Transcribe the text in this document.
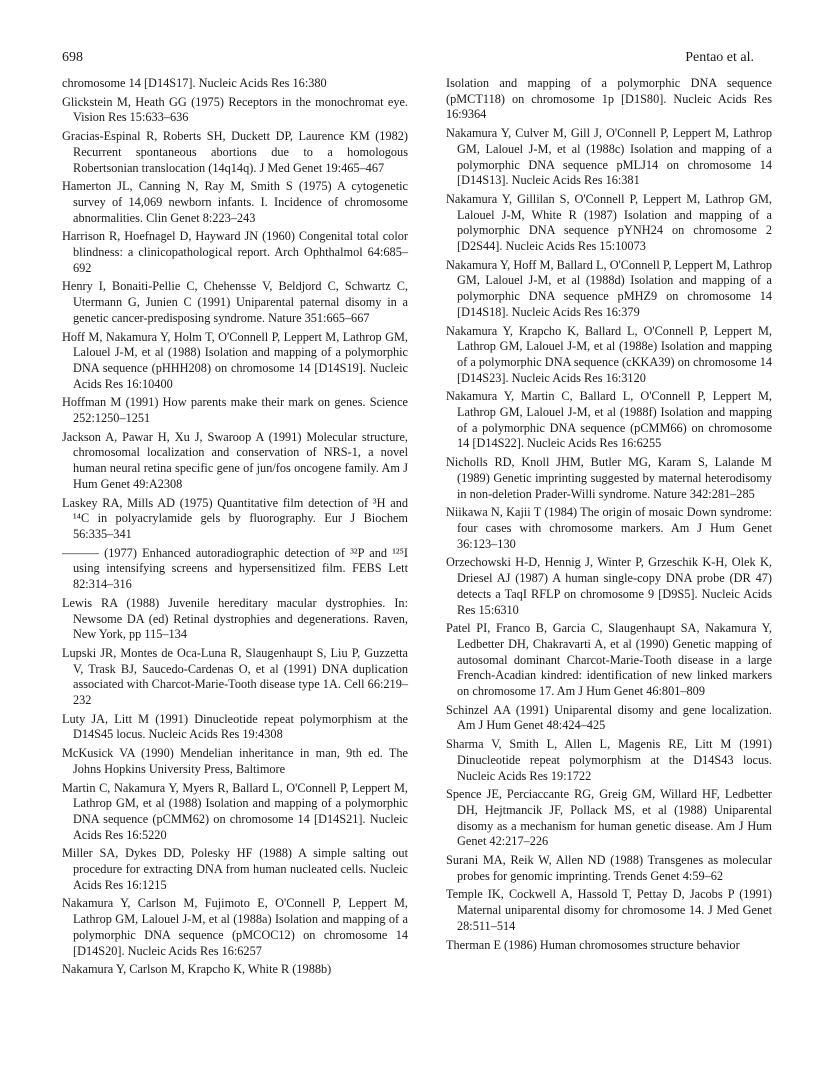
698	Pentao et al.

chromosome 14 [D14S17]. Nucleic Acids Res 16:380

Glickstein M, Heath GG (1975) Receptors in the monochromat eye. Vision Res 15:633–636

Gracias-Espinal R, Roberts SH, Duckett DP, Laurence KM (1982) Recurrent spontaneous abortions due to a homologous Robertsonian translocation (14q14q). J Med Genet 19:465–467

Hamerton JL, Canning N, Ray M, Smith S (1975) A cytogenetic survey of 14,069 newborn infants. I. Incidence of chromosome abnormalities. Clin Genet 8:223–243

Harrison R, Hoefnagel D, Hayward JN (1960) Congenital total color blindness: a clinicopathological report. Arch Ophthalmol 64:685–692

Henry I, Bonaiti-Pellie C, Chehensse V, Beldjord C, Schwartz C, Utermann G, Junien C (1991) Uniparental paternal disomy in a genetic cancer-predisposing syndrome. Nature 351:665–667

Hoff M, Nakamura Y, Holm T, O'Connell P, Leppert M, Lathrop GM, Lalouel J-M, et al (1988) Isolation and mapping of a polymorphic DNA sequence (pHHH208) on chromosome 14 [D14S19]. Nucleic Acids Res 16:10400

Hoffman M (1991) How parents make their mark on genes. Science 252:1250–1251

Jackson A, Pawar H, Xu J, Swaroop A (1991) Molecular structure, chromosomal localization and conservation of NRS-1, a novel human neural retina specific gene of jun/fos oncogene family. Am J Hum Genet 49:A2308

Laskey RA, Mills AD (1975) Quantitative film detection of ³H and ¹⁴C in polyacrylamide gels by fluorography. Eur J Biochem 56:335–341

——— (1977) Enhanced autoradiographic detection of ³²P and ¹²⁵I using intensifying screens and hypersensitized film. FEBS Lett 82:314–316

Lewis RA (1988) Juvenile hereditary macular dystrophies. In: Newsome DA (ed) Retinal dystrophies and degenerations. Raven, New York, pp 115–134

Lupski JR, Montes de Oca-Luna R, Slaugenhaupt S, Liu P, Guzzetta V, Trask BJ, Saucedo-Cardenas O, et al (1991) DNA duplication associated with Charcot-Marie-Tooth disease type 1A. Cell 66:219–232

Luty JA, Litt M (1991) Dinucleotide repeat polymorphism at the D14S45 locus. Nucleic Acids Res 19:4308

McKusick VA (1990) Mendelian inheritance in man, 9th ed. The Johns Hopkins University Press, Baltimore

Martin C, Nakamura Y, Myers R, Ballard L, O'Connell P, Leppert M, Lathrop GM, et al (1988) Isolation and mapping of a polymorphic DNA sequence (pCMM62) on chromosome 14 [D14S21]. Nucleic Acids Res 16:5220

Miller SA, Dykes DD, Polesky HF (1988) A simple salting out procedure for extracting DNA from human nucleated cells. Nucleic Acids Res 16:1215

Nakamura Y, Carlson M, Fujimoto E, O'Connell P, Leppert M, Lathrop GM, Lalouel J-M, et al (1988a) Isolation and mapping of a polymorphic DNA sequence (pMCOC12) on chromosome 14 [D14S20]. Nucleic Acids Res 16:6257

Nakamura Y, Carlson M, Krapcho K, White R (1988b)

Isolation and mapping of a polymorphic DNA sequence (pMCT118) on chromosome 1p [D1S80]. Nucleic Acids Res 16:9364

Nakamura Y, Culver M, Gill J, O'Connell P, Leppert M, Lathrop GM, Lalouel J-M, et al (1988c) Isolation and mapping of a polymorphic DNA sequence pMLJ14 on chromosome 14 [D14S13]. Nucleic Acids Res 16:381

Nakamura Y, Gillilan S, O'Connell P, Leppert M, Lathrop GM, Lalouel J-M, White R (1987) Isolation and mapping of a polymorphic DNA sequence pYNH24 on chromosome 2 [D2S44]. Nucleic Acids Res 15:10073

Nakamura Y, Hoff M, Ballard L, O'Connell P, Leppert M, Lathrop GM, Lalouel J-M, et al (1988d) Isolation and mapping of a polymorphic DNA sequence pMHZ9 on chromosome 14 [D14S18]. Nucleic Acids Res 16:379

Nakamura Y, Krapcho K, Ballard L, O'Connell P, Leppert M, Lathrop GM, Lalouel J-M, et al (1988e) Isolation and mapping of a polymorphic DNA sequence (cKKA39) on chromosome 14 [D14S23]. Nucleic Acids Res 16:3120

Nakamura Y, Martin C, Ballard L, O'Connell P, Leppert M, Lathrop GM, Lalouel J-M, et al (1988f) Isolation and mapping of a polymorphic DNA sequence (pCMM66) on chromosome 14 [D14S22]. Nucleic Acids Res 16:6255

Nicholls RD, Knoll JHM, Butler MG, Karam S, Lalande M (1989) Genetic imprinting suggested by maternal heterodisomy in non-deletion Prader-Willi syndrome. Nature 342:281–285

Niikawa N, Kajii T (1984) The origin of mosaic Down syndrome: four cases with chromosome markers. Am J Hum Genet 36:123–130

Orzechowski H-D, Hennig J, Winter P, Grzeschik K-H, Olek K, Driesel AJ (1987) A human single-copy DNA probe (DR 47) detects a TaqI RFLP on chromosome 9 [D9S5]. Nucleic Acids Res 15:6310

Patel PI, Franco B, Garcia C, Slaugenhaupt SA, Nakamura Y, Ledbetter DH, Chakravarti A, et al (1990) Genetic mapping of autosomal dominant Charcot-Marie-Tooth disease in a large French-Acadian kindred: identification of new linked markers on chromosome 17. Am J Hum Genet 46:801–809

Schinzel AA (1991) Uniparental disomy and gene localization. Am J Hum Genet 48:424–425

Sharma V, Smith L, Allen L, Magenis RE, Litt M (1991) Dinucleotide repeat polymorphism at the D14S43 locus. Nucleic Acids Res 19:1722

Spence JE, Perciaccante RG, Greig GM, Willard HF, Ledbetter DH, Hejtmancik JF, Pollack MS, et al (1988) Uniparental disomy as a mechanism for human genetic disease. Am J Hum Genet 42:217–226

Surani MA, Reik W, Allen ND (1988) Transgenes as molecular probes for genomic imprinting. Trends Genet 4:59–62

Temple IK, Cockwell A, Hassold T, Pettay D, Jacobs P (1991) Maternal uniparental disomy for chromosome 14. J Med Genet 28:511–514

Therman E (1986) Human chromosomes structure behavior
